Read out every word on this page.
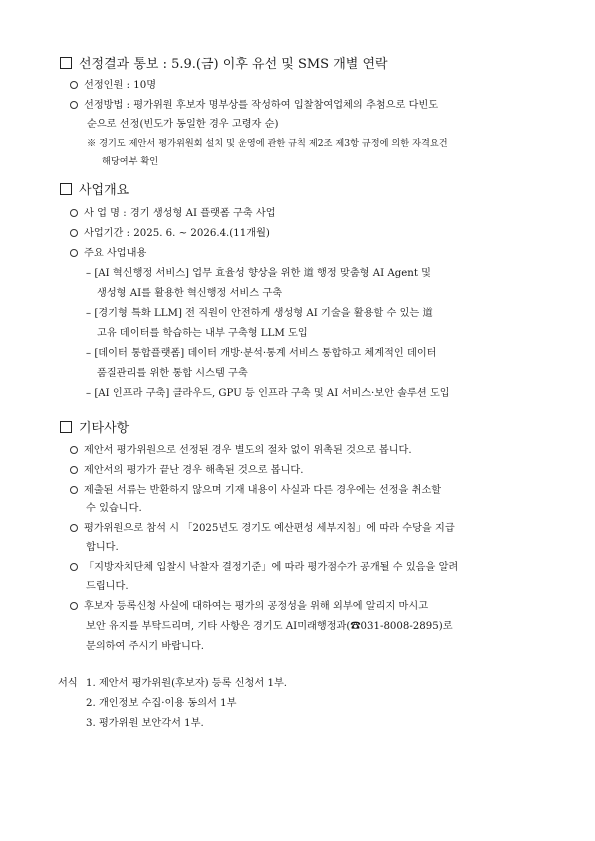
선정결과 통보 : 5.9.(금) 이후 유선 및 SMS 개별 연락
선정인원 : 10명
선정방법 : 평가위원 후보자 명부상를 작성하여 입찰참여업체의 추첨으로 다빈도
순으로 선정(빈도가 동일한 경우 고령자 순)
※ 경기도 제안서 평가위원회 설치 및 운영에 관한 규칙 제2조 제3항 규정에 의한 자격요건
해당여부 확인
사업개요
사 업 명 : 경기 생성형 AI 플랫폼 구축 사업
사업기간 : 2025. 6. ~ 2026.4.(11개월)
주요 사업내용
– [AI 혁신행정 서비스] 업무 효율성 향상을 위한 道 행정 맞춤형 AI Agent 및
생성형 AI를 활용한 혁신행정 서비스 구축
– [경기형 특화 LLM] 전 직원이 안전하게 생성형 AI 기술을 활용할 수 있는 道
고유 데이터를 학습하는 내부 구축형 LLM 도입
– [데이터 통합플랫폼] 데이터 개방·분석·통계 서비스 통합하고 체계적인 데이터
품질관리를 위한 통합 시스템 구축
– [AI 인프라 구축] 클라우드, GPU 등 인프라 구축 및 AI 서비스·보안 솔루션 도입
기타사항
제안서 평가위원으로 선정된 경우 별도의 절차 없이 위촉된 것으로 봅니다.
제안서의 평가가 끝난 경우 해촉된 것으로 봅니다.
제출된 서류는 반환하지 않으며 기재 내용이 사실과 다른 경우에는 선정을 취소할
수 있습니다.
평가위원으로 참석 시 「2025년도 경기도 예산편성 세부지침」에 따라 수당을 지급
합니다.
「지방자치단체 입찰시 낙찰자 결정기준」에 따라 평가점수가 공개될 수 있음을 알려
드립니다.
후보자 등록신청 사실에 대하여는 평가의 공정성을 위해 외부에 알리지 마시고
보안 유지를 부탁드리며, 기타 사항은 경기도 AI미래행정과(☎031-8008-2895)로
문의하여 주시기 바랍니다.
서식 1. 제안서 평가위원(후보자) 등록 신청서 1부.
2. 개인정보 수집·이용 동의서 1부
3. 평가위원 보안각서 1부.
